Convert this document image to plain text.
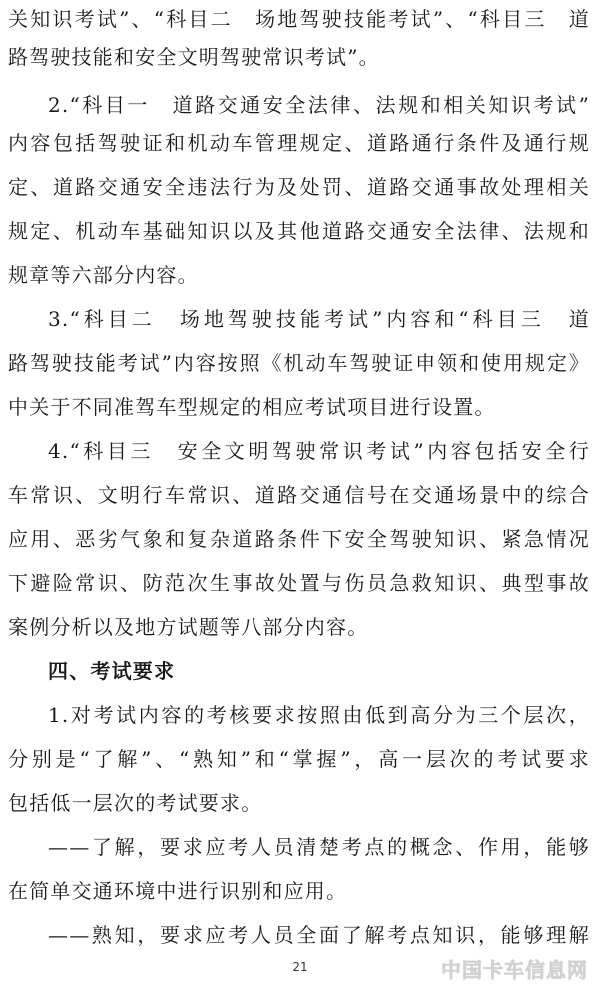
关知识考试”、“科目二　场地驾驶技能考试”、“科目三　道
路驾驶技能和安全文明驾驶常识考试”。
2.“科目一　道路交通安全法律、法规和相关知识考试”
内容包括驾驶证和机动车管理规定、道路通行条件及通行规
定、道路交通安全违法行为及处罚、道路交通事故处理相关
规定、机动车基础知识以及其他道路交通安全法律、法规和
规章等六部分内容。
3.“科目二　场地驾驶技能考试”内容和“科目三　道
路驾驶技能考试”内容按照《机动车驾驶证申领和使用规定》
中关于不同准驾车型规定的相应考试项目进行设置。
4.“科目三　安全文明驾驶常识考试”内容包括安全行
车常识、文明行车常识、道路交通信号在交通场景中的综合
应用、恶劣气象和复杂道路条件下安全驾驶知识、紧急情况
下避险常识、防范次生事故处置与伤员急救知识、典型事故
案例分析以及地方试题等八部分内容。
四、考试要求
1.对考试内容的考核要求按照由低到高分为三个层次，
分别是“了解”、“熟知”和“掌握”，高一层次的考试要求
包括低一层次的考试要求。
——了解，要求应考人员清楚考点的概念、作用，能够
在简单交通环境中进行识别和应用。
——熟知，要求应考人员全面了解考点知识，能够理解
21	中国卡车信息网
